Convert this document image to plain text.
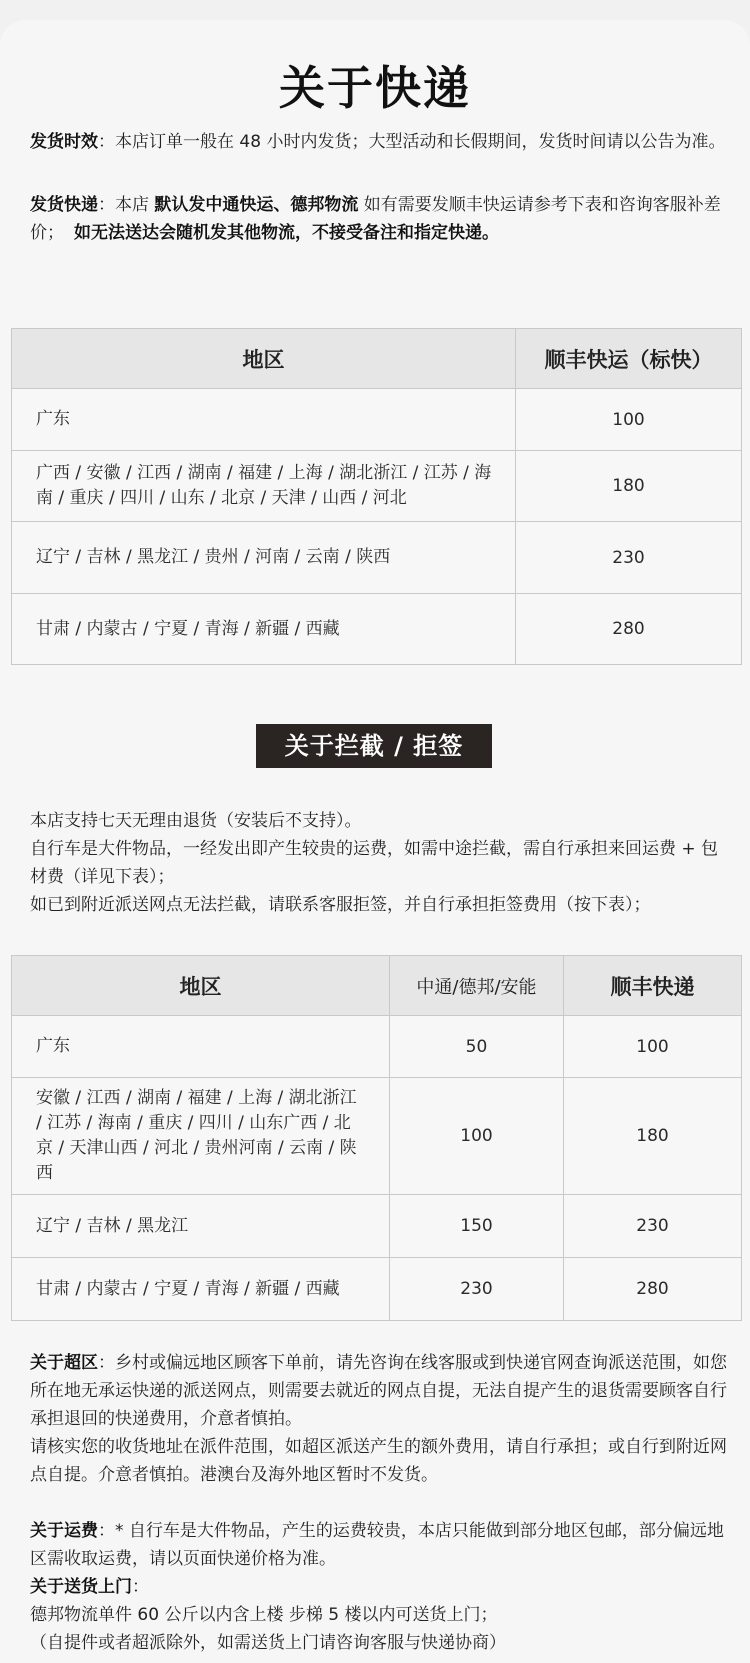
关于快递
发货时效：本店订单一般在 48 小时内发货；大型活动和长假期间，发货时间请以公告为准。
发货快递：本店 默认发中通快运、德邦物流 如有需要发顺丰快运请参考下表和咨询客服补差价； 如无法送达会随机发其他物流，不接受备注和指定快递。
地区	顺丰快运（标快）
广东	100
广西 / 安徽 / 江西 / 湖南 / 福建 / 上海 / 湖北浙江 / 江苏 / 海南 / 重庆 / 四川 / 山东 / 北京 / 天津 / 山西 / 河北	180
辽宁 / 吉林 / 黑龙江 / 贵州 / 河南 / 云南 / 陕西	230
甘肃 / 内蒙古 / 宁夏 / 青海 / 新疆 / 西藏	280
关于拦截 / 拒签
本店支持七天无理由退货（安装后不支持）。
自行车是大件物品，一经发出即产生较贵的运费，如需中途拦截，需自行承担来回运费 + 包材费（详见下表）；
如已到附近派送网点无法拦截，请联系客服拒签，并自行承担拒签费用（按下表）；
地区	中通/德邦/安能	顺丰快递
广东	50	100
安徽 / 江西 / 湖南 / 福建 / 上海 / 湖北浙江 / 江苏 / 海南 / 重庆 / 四川 / 山东广西 / 北京 / 天津山西 / 河北 / 贵州河南 / 云南 / 陕西	100	180
辽宁 / 吉林 / 黑龙江	150	230
甘肃 / 内蒙古 / 宁夏 / 青海 / 新疆 / 西藏	230	280
关于超区：乡村或偏远地区顾客下单前，请先咨询在线客服或到快递官网查询派送范围，如您所在地无承运快递的派送网点，则需要去就近的网点自提，无法自提产生的退货需要顾客自行承担退回的快递费用，介意者慎拍。
请核实您的收货地址在派件范围，如超区派送产生的额外费用，请自行承担；或自行到附近网点自提。介意者慎拍。港澳台及海外地区暂时不发货。
关于运费：* 自行车是大件物品，产生的运费较贵，本店只能做到部分地区包邮，部分偏远地区需收取运费，请以页面快递价格为准。
关于送货上门：
德邦物流单件 60 公斤以内含上楼 步梯 5 楼以内可送货上门；
（自提件或者超派除外，如需送货上门请咨询客服与快递协商）
